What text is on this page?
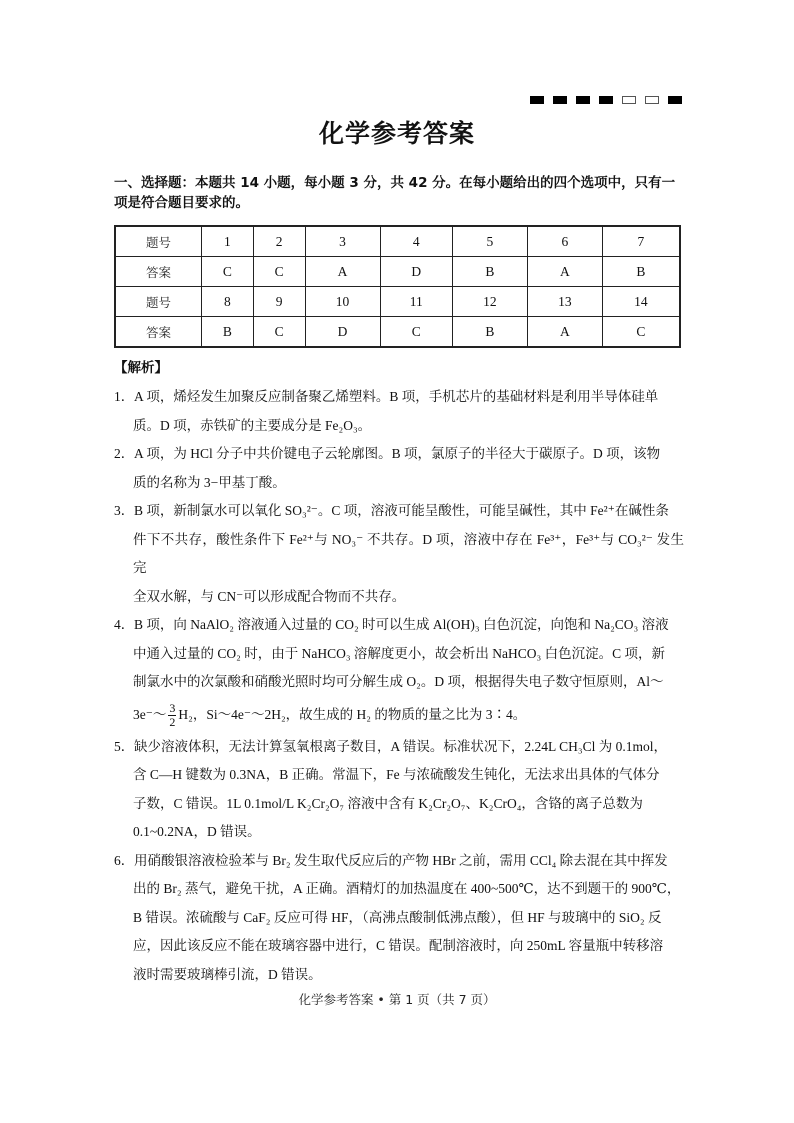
化学参考答案
一、选择题：本题共 14 小题，每小题 3 分，共 42 分。在每小题给出的四个选项中，只有一项是符合题目要求的。
题号	1	2	3	4	5	6	7
答案	C	C	A	D	B	A	B
题号	8	9	10	11	12	13	14
答案	B	C	D	C	B	A	C
【解析】
1．A 项，烯烃发生加聚反应制备聚乙烯塑料。B 项，手机芯片的基础材料是利用半导体硅单
质。D 项，赤铁矿的主要成分是 Fe₂O₃。
2．A 项，为 HCl 分子中共价键电子云轮廓图。B 项，氯原子的半径大于碳原子。D 项，该物
质的名称为 3−甲基丁酸。
3．B 项，新制氯水可以氧化 SO₃²⁻。C 项，溶液可能呈酸性，可能呈碱性，其中 Fe²⁺在碱性条
件下不共存，酸性条件下 Fe²⁺与 NO₃⁻ 不共存。D 项，溶液中存在 Fe³⁺，Fe³⁺与 CO₃²⁻ 发生完
全双水解，与 CN⁻可以形成配合物而不共存。
4．B 项，向 NaAlO₂ 溶液通入过量的 CO₂ 时可以生成 Al(OH)₃ 白色沉淀，向饱和 Na₂CO₃ 溶液
中通入过量的 CO₂ 时，由于 NaHCO₃ 溶解度更小，故会析出 NaHCO₃ 白色沉淀。C 项，新
制氯水中的次氯酸和硝酸光照时均可分解生成 O₂。D 项，根据得失电子数守恒原则，Al～
3e⁻～ $\frac{3}{2} H_2$，Si～4e⁻～2H₂，故生成的 H₂ 的物质的量之比为 3∶4。
5．缺少溶液体积，无法计算氢氧根离子数目，A 错误。标准状况下，2.24L CH₃Cl 为 0.1mol，
含 C—H 键数为 0.3NA，B 正确。常温下，Fe 与浓硫酸发生钝化，无法求出具体的气体分
子数，C 错误。1L 0.1mol/L K₂Cr₂O₇ 溶液中含有 K₂Cr₂O₇、K₂CrO₄，含铬的离子总数为
0.1~0.2NA，D 错误。
6．用硝酸银溶液检验苯与 Br₂ 发生取代反应后的产物 HBr 之前，需用 CCl₄ 除去混在其中挥发
出的 Br₂ 蒸气，避免干扰，A 正确。酒精灯的加热温度在 400~500℃，达不到题干的 900℃，
B 错误。浓硫酸与 CaF₂ 反应可得 HF，（高沸点酸制低沸点酸），但 HF 与玻璃中的 SiO₂ 反
应，因此该反应不能在玻璃容器中进行，C 错误。配制溶液时，向 250mL 容量瓶中转移溶
液时需要玻璃棒引流，D 错误。
化学参考答案 • 第 1 页（共 7 页）
